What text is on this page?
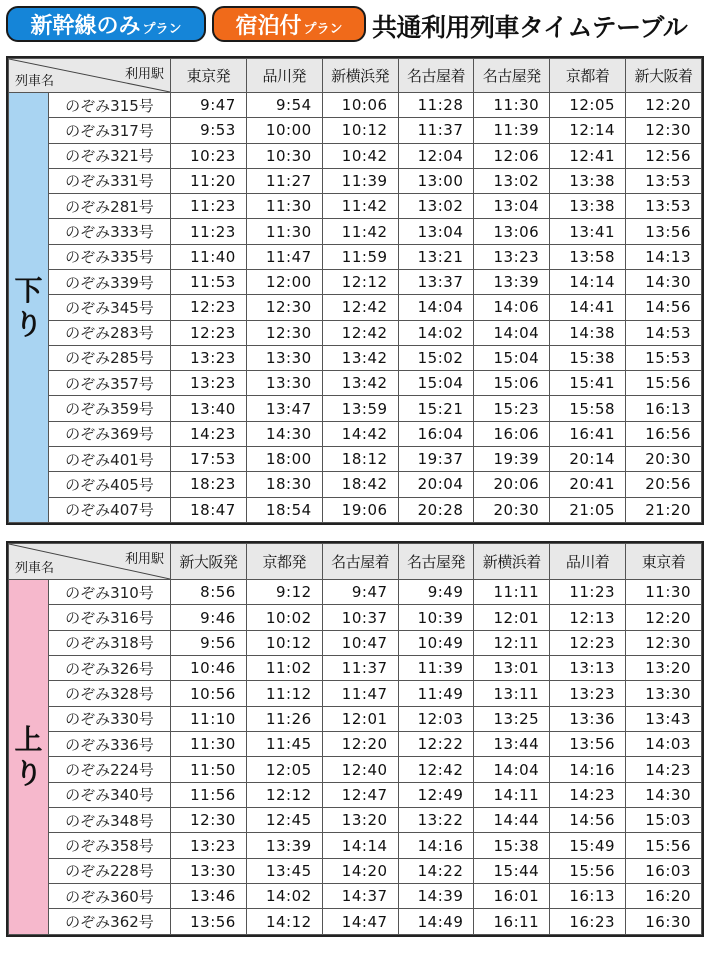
新幹線のみ プラン 宿泊付 プラン 共通利用列車タイムテーブル
利用駅
列車名		東京発	品川発	新横浜発	名古屋着	名古屋発	京都着	新大阪着

下
り	のぞみ315号	9:47	9:54	10:06	11:28	11:30	12:05	12:20
	のぞみ317号	9:53	10:00	10:12	11:37	11:39	12:14	12:30
	のぞみ321号	10:23	10:30	10:42	12:04	12:06	12:41	12:56
	のぞみ331号	11:20	11:27	11:39	13:00	13:02	13:38	13:53
	のぞみ281号	11:23	11:30	11:42	13:02	13:04	13:38	13:53
	のぞみ333号	11:23	11:30	11:42	13:04	13:06	13:41	13:56
	のぞみ335号	11:40	11:47	11:59	13:21	13:23	13:58	14:13
	のぞみ339号	11:53	12:00	12:12	13:37	13:39	14:14	14:30
	のぞみ345号	12:23	12:30	12:42	14:04	14:06	14:41	14:56
	のぞみ283号	12:23	12:30	12:42	14:02	14:04	14:38	14:53
	のぞみ285号	13:23	13:30	13:42	15:02	15:04	15:38	15:53
	のぞみ357号	13:23	13:30	13:42	15:04	15:06	15:41	15:56
	のぞみ359号	13:40	13:47	13:59	15:21	15:23	15:58	16:13
	のぞみ369号	14:23	14:30	14:42	16:04	16:06	16:41	16:56
	のぞみ401号	17:53	18:00	18:12	19:37	19:39	20:14	20:30
	のぞみ405号	18:23	18:30	18:42	20:04	20:06	20:41	20:56
	のぞみ407号	18:47	18:54	19:06	20:28	20:30	21:05	21:20
利用駅
列車名		新大阪発	京都発	名古屋着	名古屋発	新横浜着	品川着	東京着

上
り	のぞみ310号	8:56	9:12	9:47	9:49	11:11	11:23	11:30
	のぞみ316号	9:46	10:02	10:37	10:39	12:01	12:13	12:20
	のぞみ318号	9:56	10:12	10:47	10:49	12:11	12:23	12:30
	のぞみ326号	10:46	11:02	11:37	11:39	13:01	13:13	13:20
	のぞみ328号	10:56	11:12	11:47	11:49	13:11	13:23	13:30
	のぞみ330号	11:10	11:26	12:01	12:03	13:25	13:36	13:43
	のぞみ336号	11:30	11:45	12:20	12:22	13:44	13:56	14:03
	のぞみ224号	11:50	12:05	12:40	12:42	14:04	14:16	14:23
	のぞみ340号	11:56	12:12	12:47	12:49	14:11	14:23	14:30
	のぞみ348号	12:30	12:45	13:20	13:22	14:44	14:56	15:03
	のぞみ358号	13:23	13:39	14:14	14:16	15:38	15:49	15:56
	のぞみ228号	13:30	13:45	14:20	14:22	15:44	15:56	16:03
	のぞみ360号	13:46	14:02	14:37	14:39	16:01	16:13	16:20
	のぞみ362号	13:56	14:12	14:47	14:49	16:11	16:23	16:30
